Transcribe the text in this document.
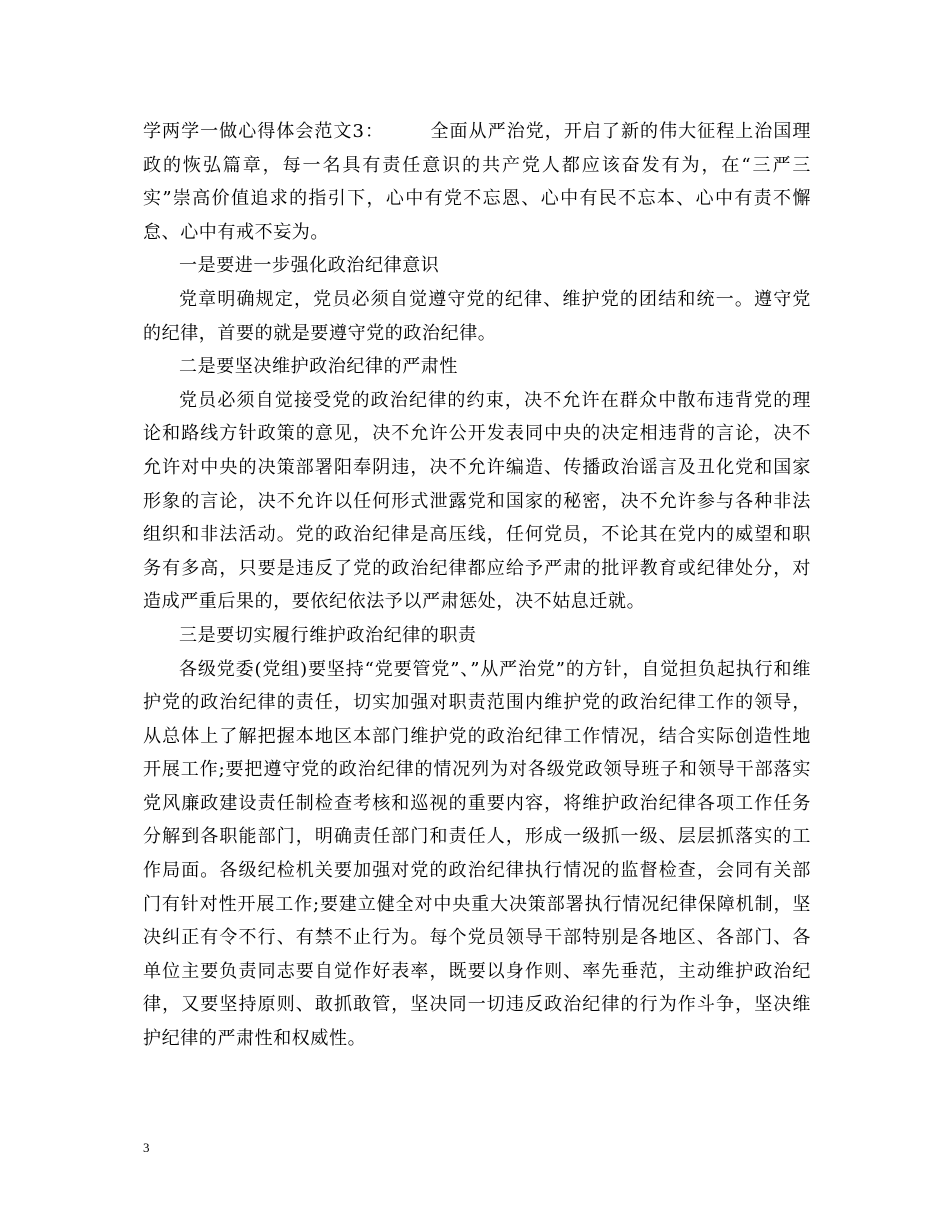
学两学一做心得体会范文3：	全面从严治党，开启了新的伟大征程上治国理政的恢弘篇章，每一名具有责任意识的共产党人都应该奋发有为，在“三严三实”崇高价值追求的指引下，心中有党不忘恩、心中有民不忘本、心中有责不懈怠、心中有戒不妄为。

一是要进一步强化政治纪律意识

党章明确规定，党员必须自觉遵守党的纪律、维护党的团结和统一。遵守党的纪律，首要的就是要遵守党的政治纪律。

二是要坚决维护政治纪律的严肃性

党员必须自觉接受党的政治纪律的约束，决不允许在群众中散布违背党的理论和路线方针政策的意见，决不允许公开发表同中央的决定相违背的言论，决不允许对中央的决策部署阳奉阴违，决不允许编造、传播政治谣言及丑化党和国家形象的言论，决不允许以任何形式泄露党和国家的秘密，决不允许参与各种非法组织和非法活动。党的政治纪律是高压线，任何党员，不论其在党内的威望和职务有多高，只要是违反了党的政治纪律都应给予严肃的批评教育或纪律处分，对造成严重后果的，要依纪依法予以严肃惩处，决不姑息迁就。

三是要切实履行维护政治纪律的职责

各级党委(党组)要坚持“党要管党”、”从严治党”的方针，自觉担负起执行和维护党的政治纪律的责任，切实加强对职责范围内维护党的政治纪律工作的领导，从总体上了解把握本地区本部门维护党的政治纪律工作情况，结合实际创造性地开展工作;要把遵守党的政治纪律的情况列为对各级党政领导班子和领导干部落实党风廉政建设责任制检查考核和巡视的重要内容，将维护政治纪律各项工作任务分解到各职能部门，明确责任部门和责任人，形成一级抓一级、层层抓落实的工作局面。各级纪检机关要加强对党的政治纪律执行情况的监督检查，会同有关部门有针对性开展工作;要建立健全对中央重大决策部署执行情况纪律保障机制，坚决纠正有令不行、有禁不止行为。每个党员领导干部特别是各地区、各部门、各单位主要负责同志要自觉作好表率，既要以身作则、率先垂范，主动维护政治纪律，又要坚持原则、敢抓敢管，坚决同一切违反政治纪律的行为作斗争，坚决维护纪律的严肃性和权威性。

3
